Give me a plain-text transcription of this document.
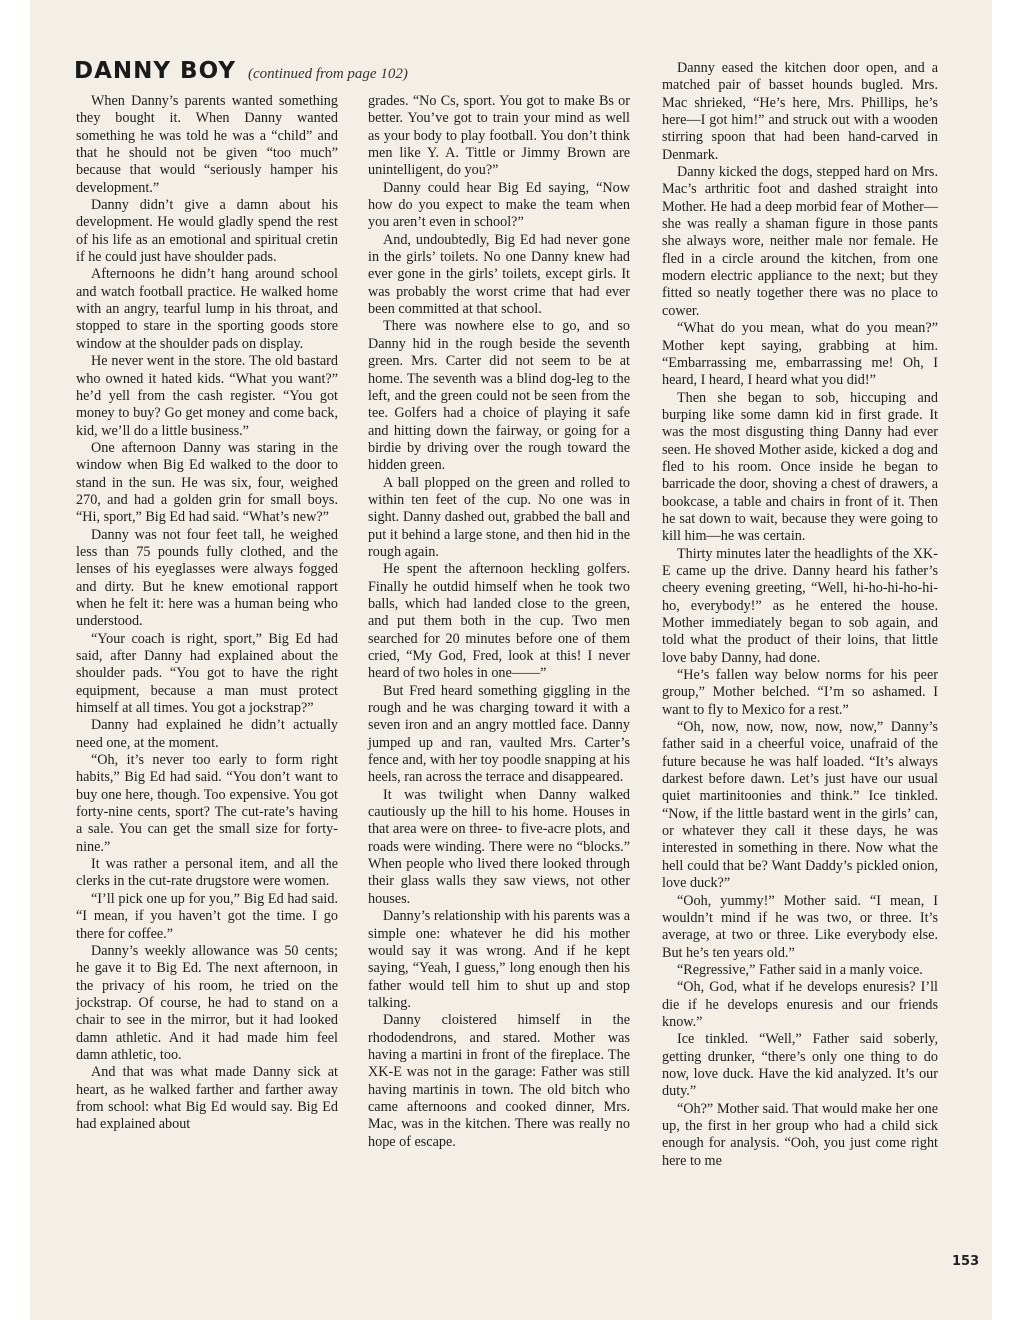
DANNY BOY (continued from page 102)

When Danny’s parents wanted something they bought it. When Danny wanted something he was told he was a “child” and that he should not be given “too much” because that would “seriously hamper his development.”

Danny didn’t give a damn about his development. He would gladly spend the rest of his life as an emotional and spiritual cretin if he could just have shoulder pads.

Afternoons he didn’t hang around school and watch football practice. He walked home with an angry, tearful lump in his throat, and stopped to stare in the sporting goods store window at the shoulder pads on display.

He never went in the store. The old bastard who owned it hated kids. “What you want?” he’d yell from the cash register. “You got money to buy? Go get money and come back, kid, we’ll do a little business.”

One afternoon Danny was staring in the window when Big Ed walked to the door to stand in the sun. He was six, four, weighed 270, and had a golden grin for small boys. “Hi, sport,” Big Ed had said. “What’s new?”

Danny was not four feet tall, he weighed less than 75 pounds fully clothed, and the lenses of his eyeglasses were always fogged and dirty. But he knew emotional rapport when he felt it: here was a human being who understood.

“Your coach is right, sport,” Big Ed had said, after Danny had explained about the shoulder pads. “You got to have the right equipment, because a man must protect himself at all times. You got a jockstrap?”

Danny had explained he didn’t actually need one, at the moment.

“Oh, it’s never too early to form right habits,” Big Ed had said. “You don’t want to buy one here, though. Too expensive. You got forty-nine cents, sport? The cut-rate’s having a sale. You can get the small size for forty-nine.”

It was rather a personal item, and all the clerks in the cut-rate drugstore were women.

“I’ll pick one up for you,” Big Ed had said. “I mean, if you haven’t got the time. I go there for coffee.”

Danny’s weekly allowance was 50 cents; he gave it to Big Ed. The next afternoon, in the privacy of his room, he tried on the jockstrap. Of course, he had to stand on a chair to see in the mirror, but it had looked damn athletic. And it had made him feel damn athletic, too.

And that was what made Danny sick at heart, as he walked farther and farther away from school: what Big Ed would say. Big Ed had explained about

grades. “No Cs, sport. You got to make Bs or better. You’ve got to train your mind as well as your body to play football. You don’t think men like Y. A. Tittle or Jimmy Brown are unintelligent, do you?”

Danny could hear Big Ed saying, “Now how do you expect to make the team when you aren’t even in school?”

And, undoubtedly, Big Ed had never gone in the girls’ toilets. No one Danny knew had ever gone in the girls’ toilets, except girls. It was probably the worst crime that had ever been committed at that school.

There was nowhere else to go, and so Danny hid in the rough beside the seventh green. Mrs. Carter did not seem to be at home. The seventh was a blind dog-leg to the left, and the green could not be seen from the tee. Golfers had a choice of playing it safe and hitting down the fairway, or going for a birdie by driving over the rough toward the hidden green.

A ball plopped on the green and rolled to within ten feet of the cup. No one was in sight. Danny dashed out, grabbed the ball and put it behind a large stone, and then hid in the rough again.

He spent the afternoon heckling golfers. Finally he outdid himself when he took two balls, which had landed close to the green, and put them both in the cup. Two men searched for 20 minutes before one of them cried, “My God, Fred, look at this! I never heard of two holes in one——”

But Fred heard something giggling in the rough and he was charging toward it with a seven iron and an angry mottled face. Danny jumped up and ran, vaulted Mrs. Carter’s fence and, with her toy poodle snapping at his heels, ran across the terrace and disappeared.

It was twilight when Danny walked cautiously up the hill to his home. Houses in that area were on three- to five-acre plots, and roads were winding. There were no “blocks.” When people who lived there looked through their glass walls they saw views, not other houses.

Danny’s relationship with his parents was a simple one: whatever he did his mother would say it was wrong. And if he kept saying, “Yeah, I guess,” long enough then his father would tell him to shut up and stop talking.

Danny cloistered himself in the rhododendrons, and stared. Mother was having a martini in front of the fireplace. The XK-E was not in the garage: Father was still having martinis in town. The old bitch who came afternoons and cooked dinner, Mrs. Mac, was in the kitchen. There was really no hope of escape.

Danny eased the kitchen door open, and a matched pair of basset hounds bugled. Mrs. Mac shrieked, “He’s here, Mrs. Phillips, he’s here—I got him!” and struck out with a wooden stirring spoon that had been hand-carved in Denmark.

Danny kicked the dogs, stepped hard on Mrs. Mac’s arthritic foot and dashed straight into Mother. He had a deep morbid fear of Mother—she was really a shaman figure in those pants she always wore, neither male nor female. He fled in a circle around the kitchen, from one modern electric appliance to the next; but they fitted so neatly together there was no place to cower.

“What do you mean, what do you mean?” Mother kept saying, grabbing at him. “Embarrassing me, embarrassing me! Oh, I heard, I heard, I heard what you did!”

Then she began to sob, hiccuping and burping like some damn kid in first grade. It was the most disgusting thing Danny had ever seen. He shoved Mother aside, kicked a dog and fled to his room. Once inside he began to barricade the door, shoving a chest of drawers, a bookcase, a table and chairs in front of it. Then he sat down to wait, because they were going to kill him—he was certain.

Thirty minutes later the headlights of the XK-E came up the drive. Danny heard his father’s cheery evening greeting, “Well, hi-ho-hi-ho-hi-ho, everybody!” as he entered the house. Mother immediately began to sob again, and told what the product of their loins, that little love baby Danny, had done.

“He’s fallen way below norms for his peer group,” Mother belched. “I’m so ashamed. I want to fly to Mexico for a rest.”

“Oh, now, now, now, now, now,” Danny’s father said in a cheerful voice, unafraid of the future because he was half loaded. “It’s always darkest before dawn. Let’s just have our usual quiet martinitoonies and think.” Ice tinkled. “Now, if the little bastard went in the girls’ can, or whatever they call it these days, he was interested in something in there. Now what the hell could that be? Want Daddy’s pickled onion, love duck?”

“Ooh, yummy!” Mother said. “I mean, I wouldn’t mind if he was two, or three. It’s average, at two or three. Like everybody else. But he’s ten years old.”

“Regressive,” Father said in a manly voice.

“Oh, God, what if he develops enuresis? I’ll die if he develops enuresis and our friends know.”

Ice tinkled. “Well,” Father said soberly, getting drunker, “there’s only one thing to do now, love duck. Have the kid analyzed. It’s our duty.”

“Oh?” Mother said. That would make her one up, the first in her group who had a child sick enough for analysis. “Ooh, you just come right here to me

153
